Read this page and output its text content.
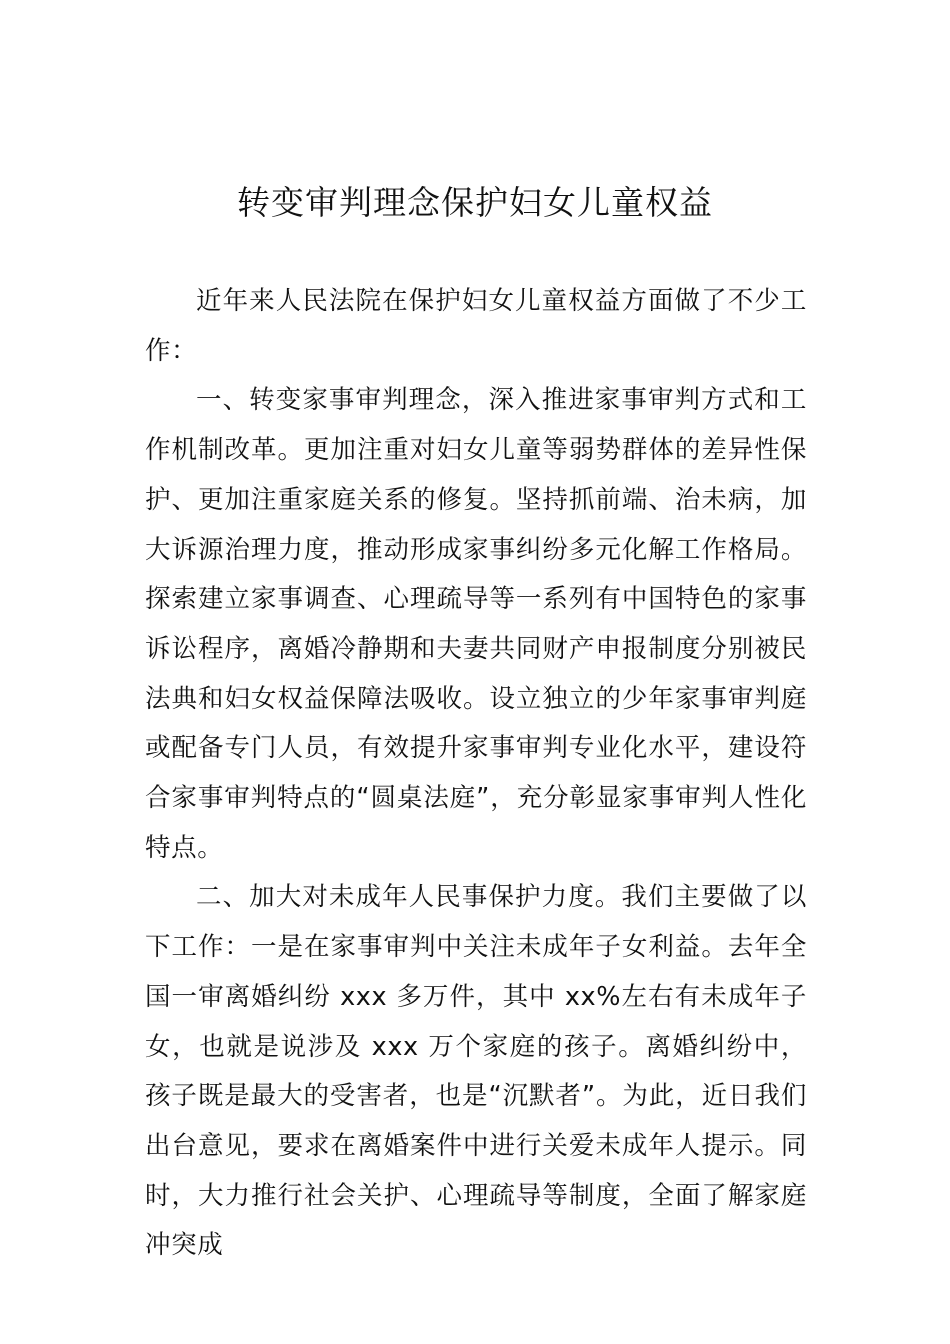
转变审判理念保护妇女儿童权益

近年来人民法院在保护妇女儿童权益方面做了不少工作：

一、转变家事审判理念，深入推进家事审判方式和工作机制改革。更加注重对妇女儿童等弱势群体的差异性保护、更加注重家庭关系的修复。坚持抓前端、治未病，加大诉源治理力度，推动形成家事纠纷多元化解工作格局。探索建立家事调查、心理疏导等一系列有中国特色的家事诉讼程序，离婚冷静期和夫妻共同财产申报制度分别被民法典和妇女权益保障法吸收。设立独立的少年家事审判庭或配备专门人员，有效提升家事审判专业化水平，建设符合家事审判特点的“圆桌法庭”，充分彰显家事审判人性化特点。

二、加大对未成年人民事保护力度。我们主要做了以下工作：一是在家事审判中关注未成年子女利益。去年全国一审离婚纠纷 xxx 多万件，其中 xx%左右有未成年子女，也就是说涉及 xxx 万个家庭的孩子。离婚纠纷中，孩子既是最大的受害者，也是“沉默者”。为此，近日我们出台意见，要求在离婚案件中进行关爱未成年人提示。同时，大力推行社会关护、心理疏导等制度，全面了解家庭冲突成
